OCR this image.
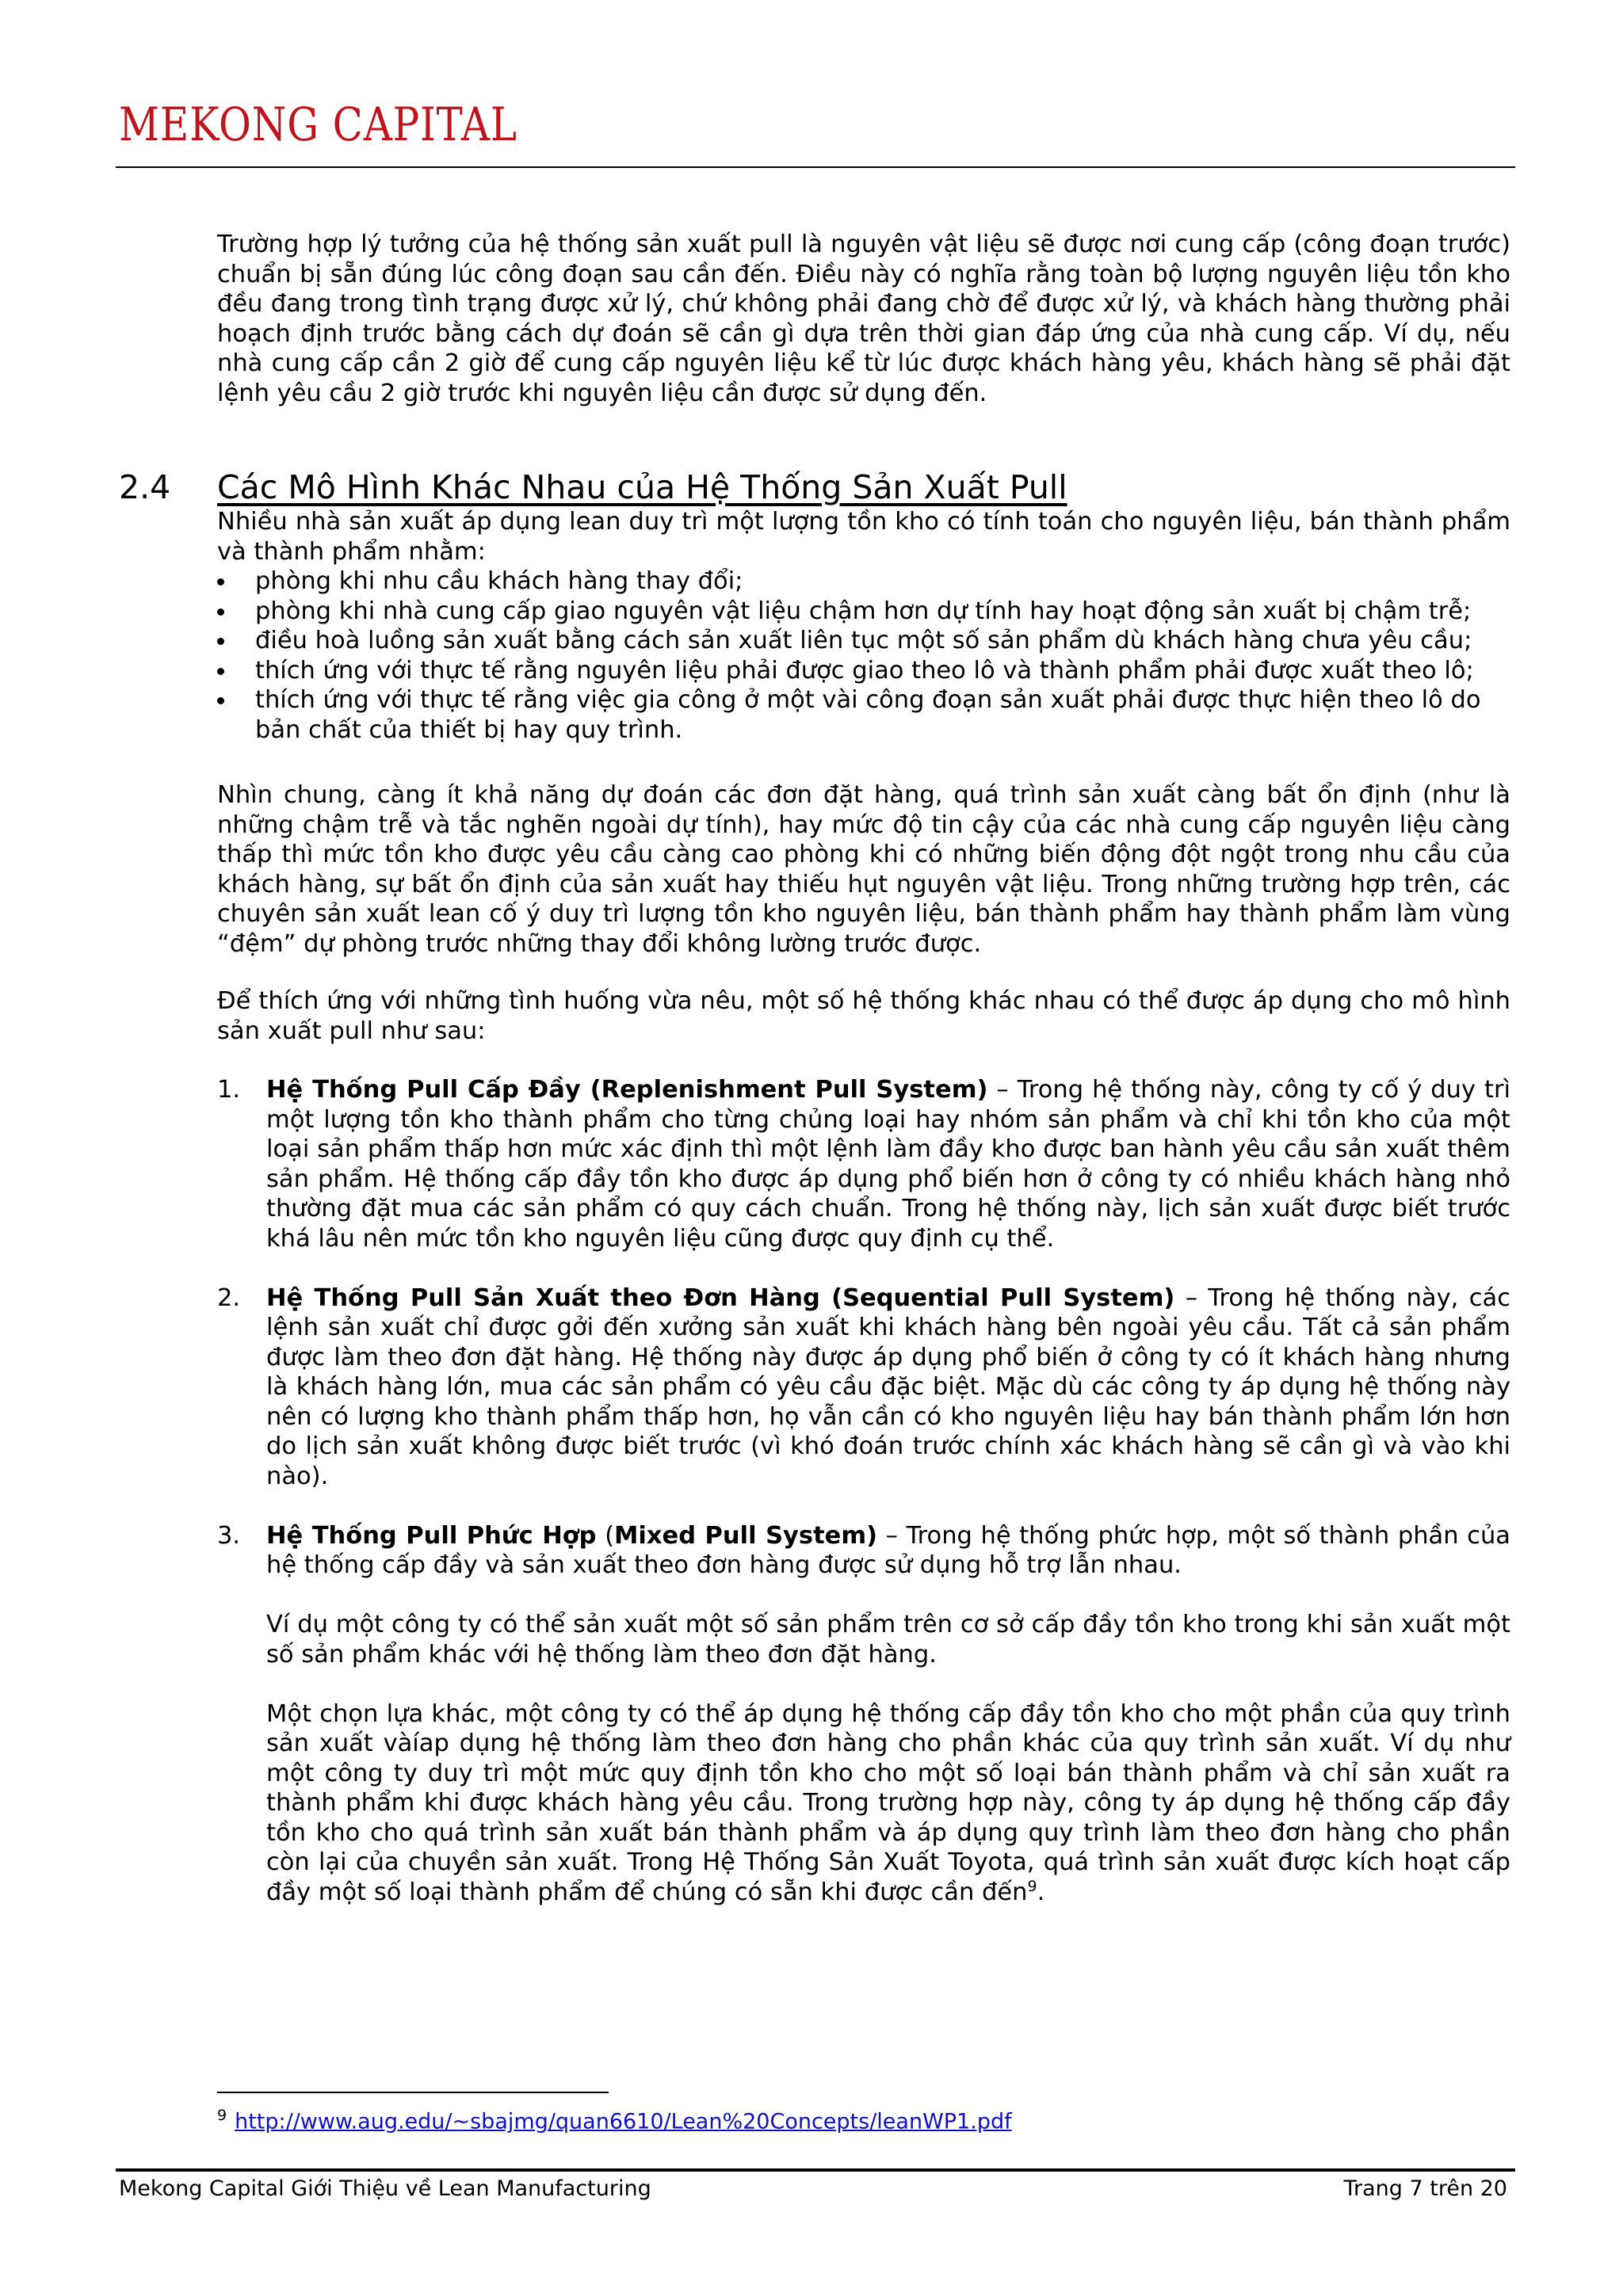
MEKONG CAPITAL

Trường hợp lý tưởng của hệ thống sản xuất pull là nguyên vật liệu sẽ được nơi cung cấp (công đoạn trước) chuẩn bị sẵn đúng lúc công đoạn sau cần đến. Điều này có nghĩa rằng toàn bộ lượng nguyên liệu tồn kho đều đang trong tình trạng được xử lý, chứ không phải đang chờ để được xử lý, và khách hàng thường phải hoạch định trước bằng cách dự đoán sẽ cần gì dựa trên thời gian đáp ứng của nhà cung cấp. Ví dụ, nếu nhà cung cấp cần 2 giờ để cung cấp nguyên liệu kể từ lúc được khách hàng yêu, khách hàng sẽ phải đặt lệnh yêu cầu 2 giờ trước khi nguyên liệu cần được sử dụng đến.

2.4 Các Mô Hình Khác Nhau của Hệ Thống Sản Xuất Pull

Nhiều nhà sản xuất áp dụng lean duy trì một lượng tồn kho có tính toán cho nguyên liệu, bán thành phẩm và thành phẩm nhằm:

phòng khi nhu cầu khách hàng thay đổi;
phòng khi nhà cung cấp giao nguyên vật liệu chậm hơn dự tính hay hoạt động sản xuất bị chậm trễ;
điều hoà luồng sản xuất bằng cách sản xuất liên tục một số sản phẩm dù khách hàng chưa yêu cầu;
thích ứng với thực tế rằng nguyên liệu phải được giao theo lô và thành phẩm phải được xuất theo lô;
thích ứng với thực tế rằng việc gia công ở một vài công đoạn sản xuất phải được thực hiện theo lô do bản chất của thiết bị hay quy trình.

Nhìn chung, càng ít khả năng dự đoán các đơn đặt hàng, quá trình sản xuất càng bất ổn định (như là những chậm trễ và tắc nghẽn ngoài dự tính), hay mức độ tin cậy của các nhà cung cấp nguyên liệu càng thấp thì mức tồn kho được yêu cầu càng cao phòng khi có những biến động đột ngột trong nhu cầu của khách hàng, sự bất ổn định của sản xuất hay thiếu hụt nguyên vật liệu. Trong những trường hợp trên, các chuyên sản xuất lean cố ý duy trì lượng tồn kho nguyên liệu, bán thành phẩm hay thành phẩm làm vùng “đệm” dự phòng trước những thay đổi không lường trước được.

Để thích ứng với những tình huống vừa nêu, một số hệ thống khác nhau có thể được áp dụng cho mô hình sản xuất pull như sau:

1. Hệ Thống Pull Cấp Đầy (Replenishment Pull System) – Trong hệ thống này, công ty cố ý duy trì một lượng tồn kho thành phẩm cho từng chủng loại hay nhóm sản phẩm và chỉ khi tồn kho của một loại sản phẩm thấp hơn mức xác định thì một lệnh làm đầy kho được ban hành yêu cầu sản xuất thêm sản phẩm. Hệ thống cấp đầy tồn kho được áp dụng phổ biến hơn ở công ty có nhiều khách hàng nhỏ thường đặt mua các sản phẩm có quy cách chuẩn. Trong hệ thống này, lịch sản xuất được biết trước khá lâu nên mức tồn kho nguyên liệu cũng được quy định cụ thể.

2. Hệ Thống Pull Sản Xuất theo Đơn Hàng (Sequential Pull System) – Trong hệ thống này, các lệnh sản xuất chỉ được gởi đến xưởng sản xuất khi khách hàng bên ngoài yêu cầu. Tất cả sản phẩm được làm theo đơn đặt hàng. Hệ thống này được áp dụng phổ biến ở công ty có ít khách hàng nhưng là khách hàng lớn, mua các sản phẩm có yêu cầu đặc biệt. Mặc dù các công ty áp dụng hệ thống này nên có lượng kho thành phẩm thấp hơn, họ vẫn cần có kho nguyên liệu hay bán thành phẩm lớn hơn do lịch sản xuất không được biết trước (vì khó đoán trước chính xác khách hàng sẽ cần gì và vào khi nào).

3. Hệ Thống Pull Phức Hợp (Mixed Pull System) – Trong hệ thống phức hợp, một số thành phần của hệ thống cấp đầy và sản xuất theo đơn hàng được sử dụng hỗ trợ lẫn nhau.

Ví dụ một công ty có thể sản xuất một số sản phẩm trên cơ sở cấp đầy tồn kho trong khi sản xuất một số sản phẩm khác với hệ thống làm theo đơn đặt hàng.

Một chọn lựa khác, một công ty có thể áp dụng hệ thống cấp đầy tồn kho cho một phần của quy trình sản xuất vàíap dụng hệ thống làm theo đơn hàng cho phần khác của quy trình sản xuất. Ví dụ như một công ty duy trì một mức quy định tồn kho cho một số loại bán thành phẩm và chỉ sản xuất ra thành phẩm khi được khách hàng yêu cầu. Trong trường hợp này, công ty áp dụng hệ thống cấp đầy tồn kho cho quá trình sản xuất bán thành phẩm và áp dụng quy trình làm theo đơn hàng cho phần còn lại của chuyền sản xuất. Trong Hệ Thống Sản Xuất Toyota, quá trình sản xuất được kích hoạt cấp đầy một số loại thành phẩm để chúng có sẵn khi được cần đến$^9$.

$^9$ http://www.aug.edu/~sbajmg/quan6610/Lean%20Concepts/leanWP1.pdf
Mekong Capital Giới Thiệu về Lean Manufacturing	Trang 7 trên 20
